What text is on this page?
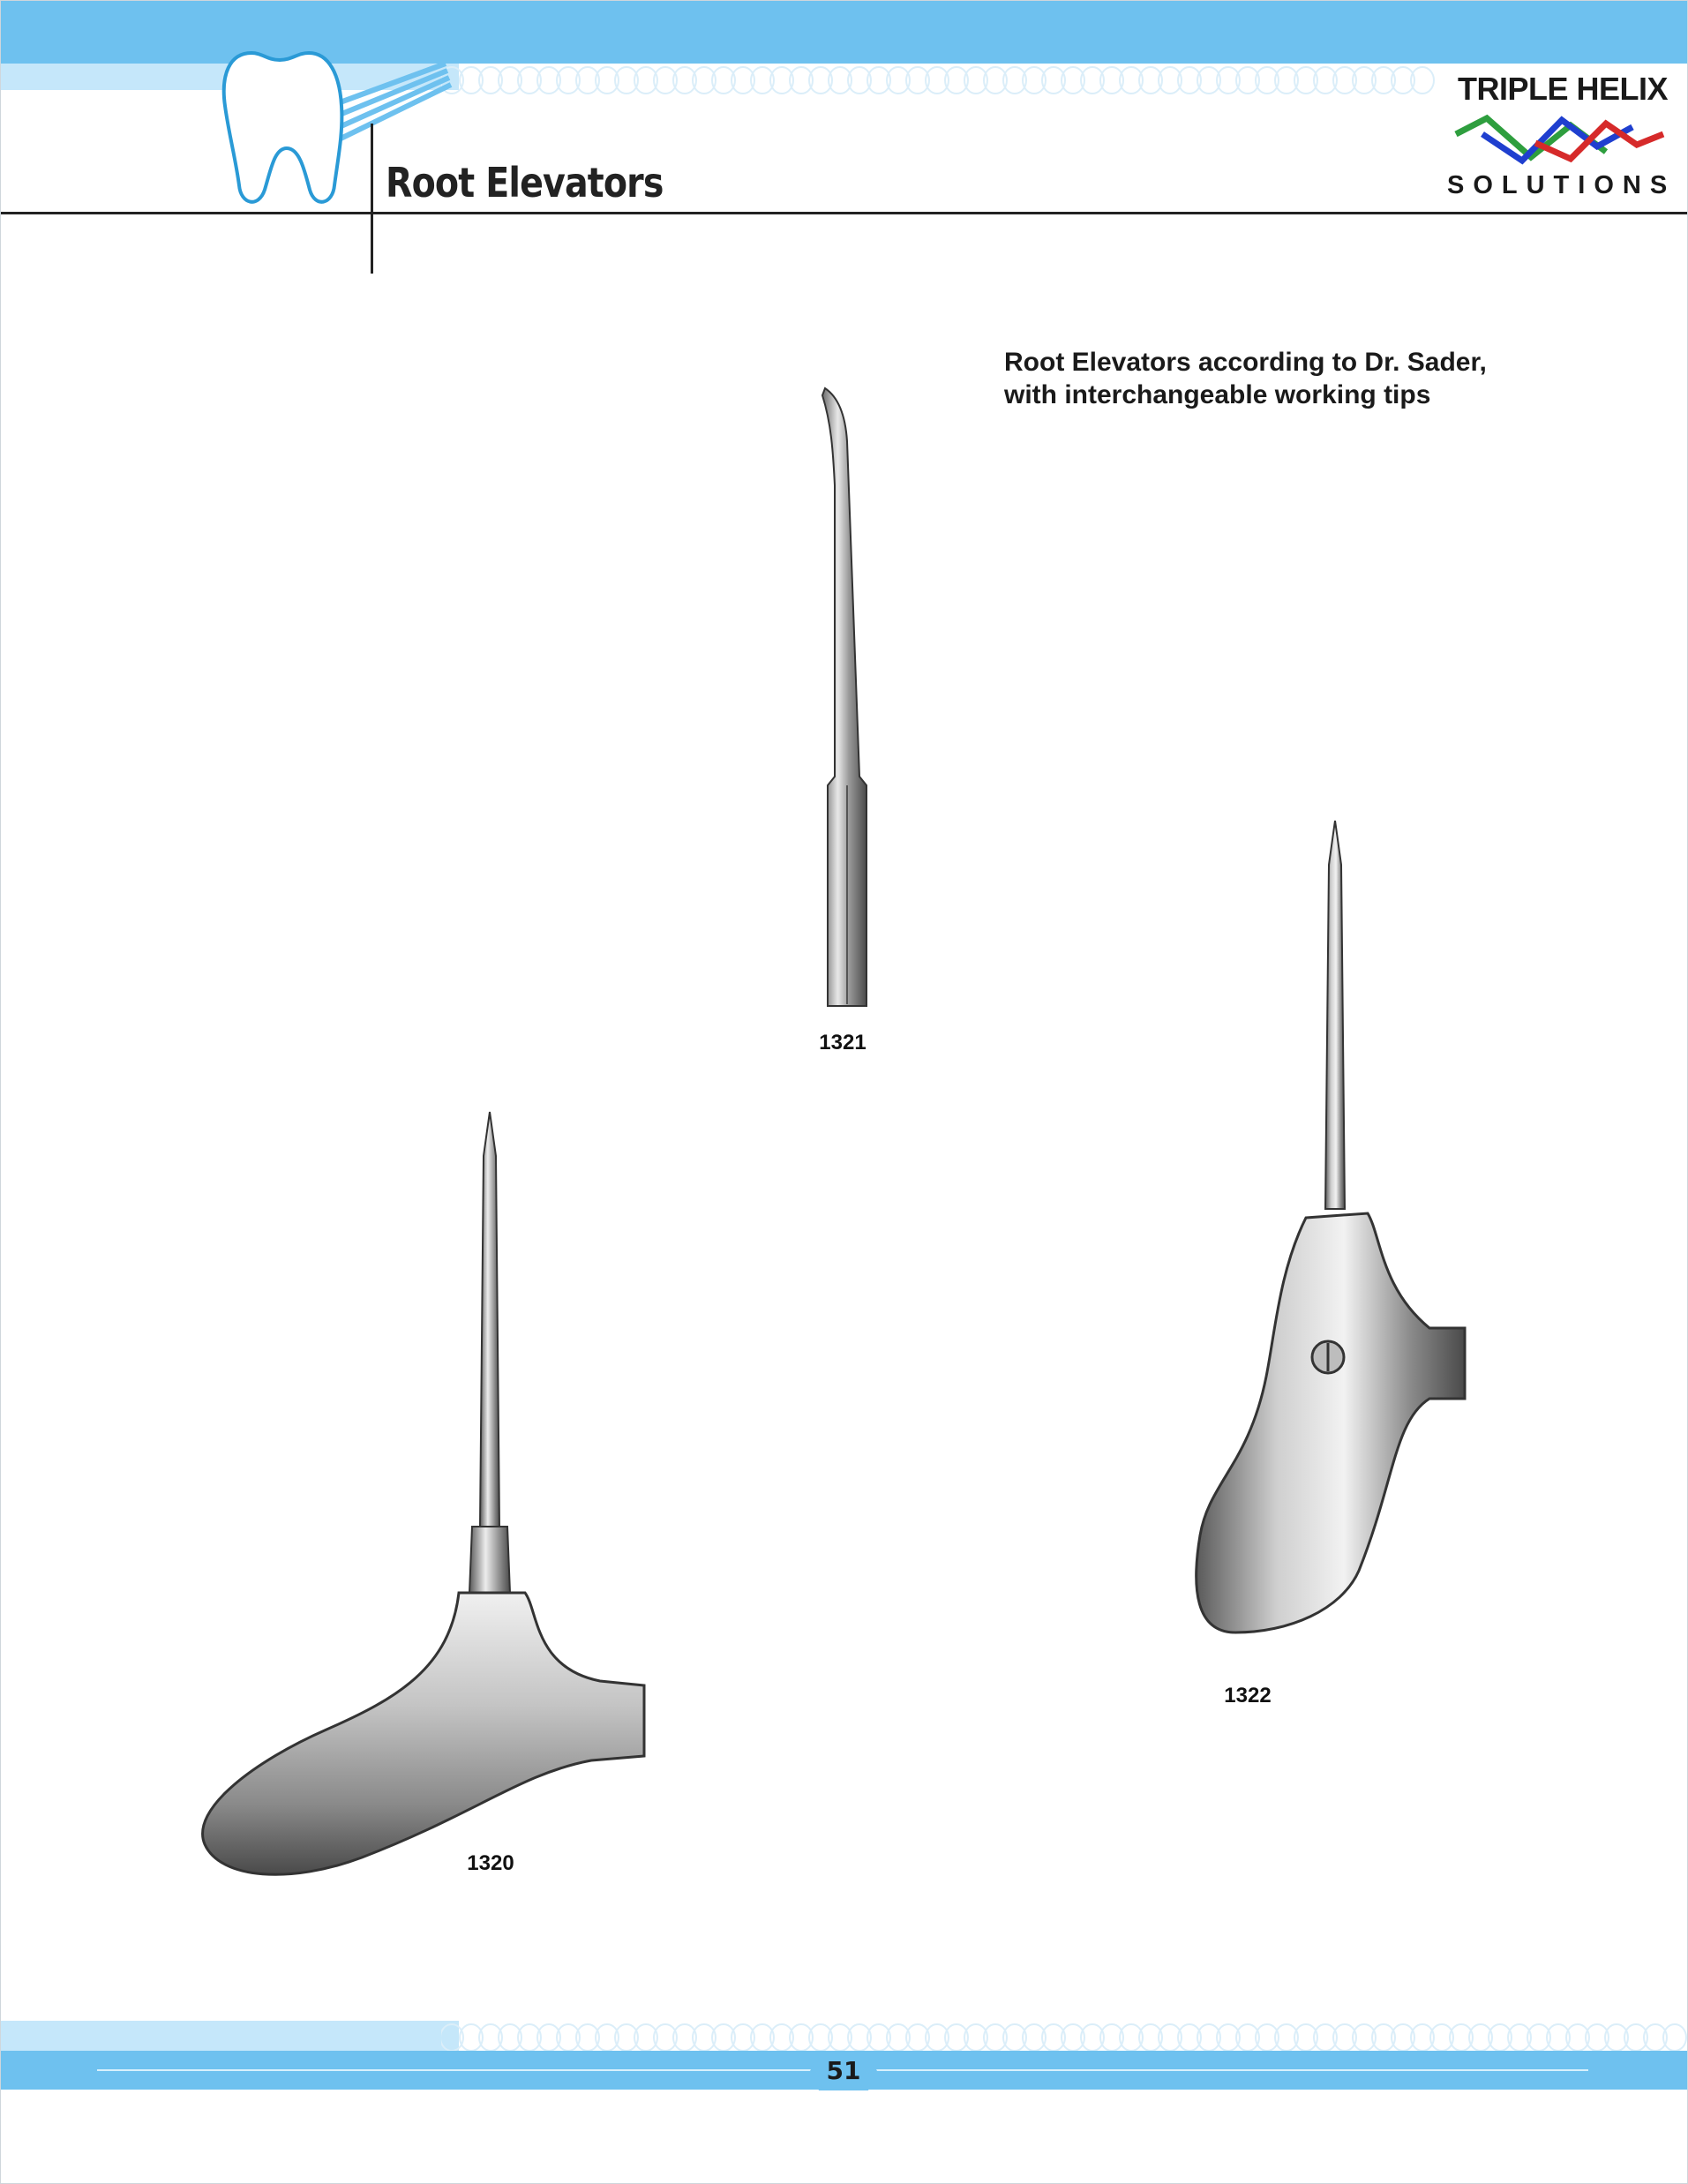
Root Elevators
TRIPLE HELIX
SOLUTIONS
Root Elevators according to Dr. Sader,
with interchangeable working tips
1321
1322
1320
51
